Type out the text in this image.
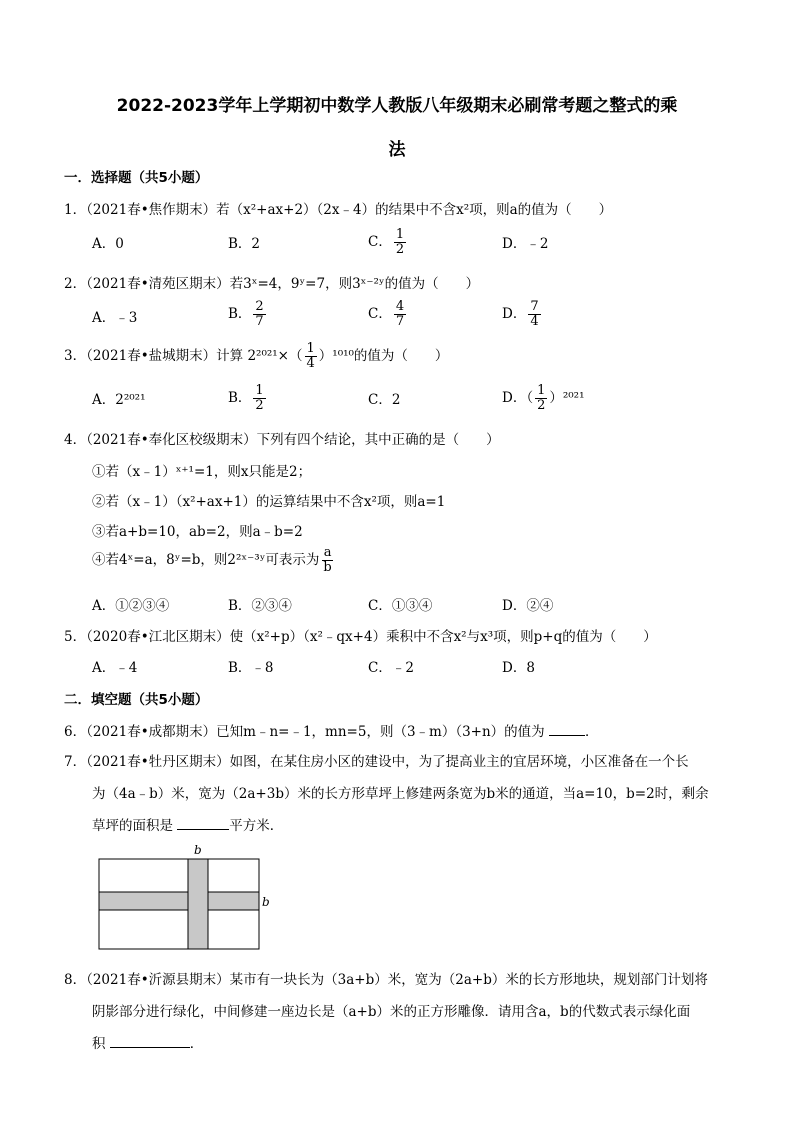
2022-2023学年上学期初中数学人教版八年级期末必刷常考题之整式的乘
法
一．选择题（共5小题）
1．（2021春•焦作期末）若（x²+ax+2）（2x﹣4）的结果中不含x²项，则a的值为（　　）
A．0	B．2	C． $\frac{1}{2}$	D．﹣2
2．（2021春•清苑区期末）若3ˣ=4，9ʸ=7，则3ˣ⁻²ʸ的值为（　　）
A．﹣3	B． $\frac{2}{7}$	C． $\frac{4}{7}$	D． $\frac{7}{4}$
3．（2021春•盐城期末）计算 $2^{2021}\times( \frac{1}{4} )^{1010}$的值为（　　）
A．2²⁰²¹	B． $\frac{1}{2}$	C．2	D．（ $\frac{1}{2} )^{2021}$
4．（2021春•奉化区校级期末）下列有四个结论，其中正确的是（　　）
①若（x﹣1）ˣ⁺¹=1，则x只能是2；
②若（x﹣1）（x²+ax+1）的运算结果中不含x²项，则a=1
③若a+b=10，ab=2，则a﹣b=2
④若4ˣ=a，8ʸ=b，则2²ˣ⁻³ʸ可表示为 $\frac{a}{b}$
A．①②③④	B．②③④	C．①③④	D．②④
5．（2020春•江北区期末）使（x²+p）（x²﹣qx+4）乘积中不含x²与x³项，则p+q的值为（　　）
A．﹣4	B．﹣8	C．﹣2	D．8
二．填空题（共5小题）
6．（2021春•成都期末）已知m﹣n=﹣1，mn=5，则（3﹣m）（3+n）的值为	．
7．（2021春•牡丹区期末）如图，在某住房小区的建设中，为了提高业主的宜居环境，小区准备在一个长
为（4a﹣b）米，宽为（2a+3b）米的长方形草坪上修建两条宽为b米的通道，当a=10，b=2时，剩余
草坪的面积是	平方米．
b
b
8．（2021春•沂源县期末）某市有一块长为（3a+b）米，宽为（2a+b）米的长方形地块，规划部门计划将
阴影部分进行绿化，中间修建一座边长是（a+b）米的正方形雕像．请用含a，b的代数式表示绿化面
积	．
